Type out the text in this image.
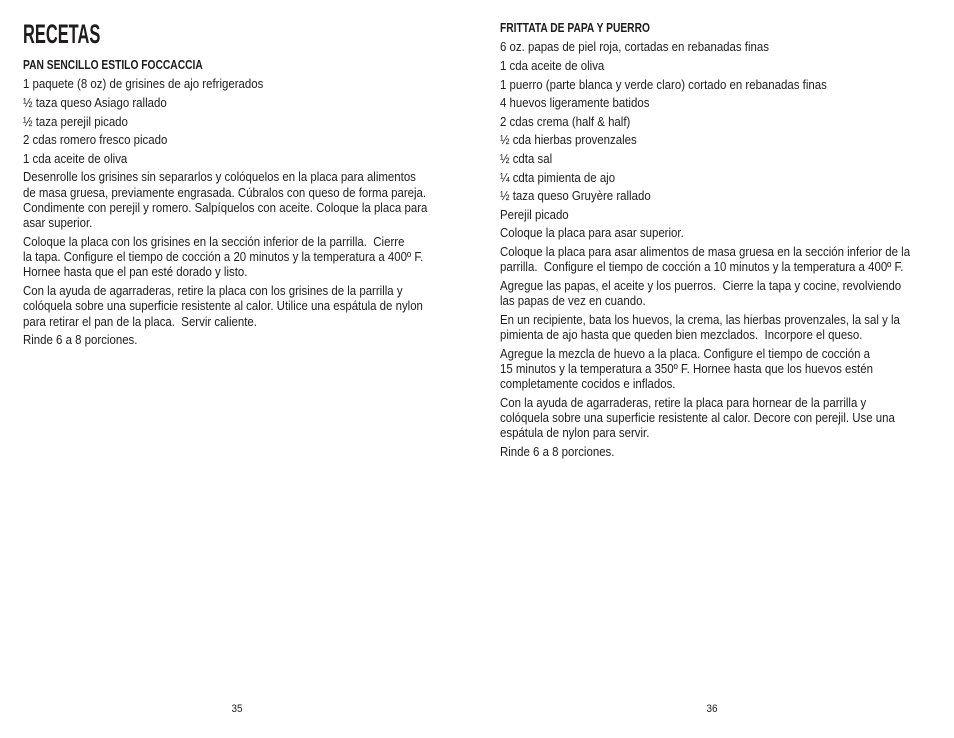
RECETAS
PAN SENCILLO ESTILO FOCCACCIA
1 paquete (8 oz) de grisines de ajo refrigerados
½ taza queso Asiago rallado
½ taza perejil picado
2 cdas romero fresco picado
1 cda aceite de oliva
Desenrolle los grisines sin separarlos y colóquelos en la placa para alimentos
de masa gruesa, previamente engrasada. Cúbralos con queso de forma pareja.
Condimente con perejil y romero. Salpíquelos con aceite. Coloque la placa para
asar superior.
Coloque la placa con los grisines en la sección inferior de la parrilla.  Cierre
la tapa. Configure el tiempo de cocción a 20 minutos y la temperatura a 400º F.
Hornee hasta que el pan esté dorado y listo.
Con la ayuda de agarraderas, retire la placa con los grisines de la parrilla y
colóquela sobre una superficie resistente al calor. Utilice una espátula de nylon
para retirar el pan de la placa.  Servir caliente.
Rinde 6 a 8 porciones.
35
FRITTATA DE PAPA Y PUERRO
6 oz. papas de piel roja, cortadas en rebanadas finas
1 cda aceite de oliva
1 puerro (parte blanca y verde claro) cortado en rebanadas finas
4 huevos ligeramente batidos
2 cdas crema (half & half)
½ cda hierbas provenzales
½ cdta sal
¼ cdta pimienta de ajo
½ taza queso Gruyère rallado
Perejil picado
Coloque la placa para asar superior.
Coloque la placa para asar alimentos de masa gruesa en la sección inferior de la
parrilla.  Configure el tiempo de cocción a 10 minutos y la temperatura a 400º F.
Agregue las papas, el aceite y los puerros.  Cierre la tapa y cocine, revolviendo
las papas de vez en cuando.
En un recipiente, bata los huevos, la crema, las hierbas provenzales, la sal y la
pimienta de ajo hasta que queden bien mezclados.  Incorpore el queso.
Agregue la mezcla de huevo a la placa. Configure el tiempo de cocción a
15 minutos y la temperatura a 350º F. Hornee hasta que los huevos estén
completamente cocidos e inflados.
Con la ayuda de agarraderas, retire la placa para hornear de la parrilla y
colóquela sobre una superficie resistente al calor. Decore con perejil. Use una
espátula de nylon para servir.
Rinde 6 a 8 porciones.
36
